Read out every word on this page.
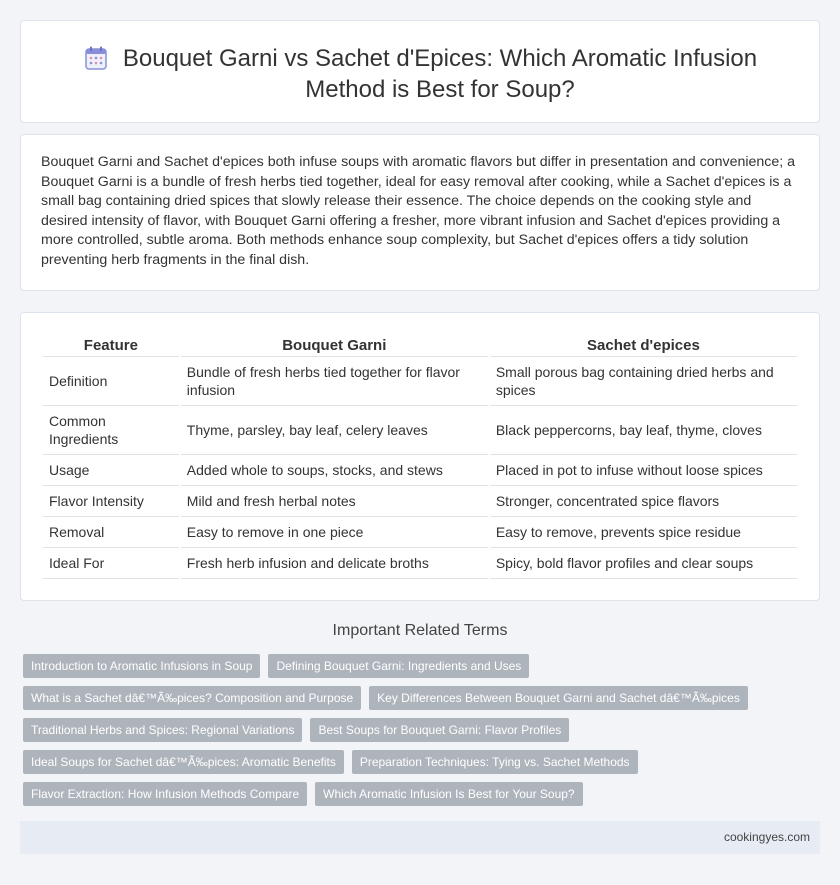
Bouquet Garni vs Sachet d'Epices: Which Aromatic Infusion Method is Best for Soup?

Bouquet Garni and Sachet d'epices both infuse soups with aromatic flavors but differ in presentation and convenience; a Bouquet Garni is a bundle of fresh herbs tied together, ideal for easy removal after cooking, while a Sachet d'epices is a small bag containing dried spices that slowly release their essence. The choice depends on the cooking style and desired intensity of flavor, with Bouquet Garni offering a fresher, more vibrant infusion and Sachet d'epices providing a more controlled, subtle aroma. Both methods enhance soup complexity, but Sachet d'epices offers a tidy solution preventing herb fragments in the final dish.

Feature	Bouquet Garni	Sachet d'epices
Definition	Bundle of fresh herbs tied together for flavor infusion	Small porous bag containing dried herbs and spices
Common Ingredients	Thyme, parsley, bay leaf, celery leaves	Black peppercorns, bay leaf, thyme, cloves
Usage	Added whole to soups, stocks, and stews	Placed in pot to infuse without loose spices
Flavor Intensity	Mild and fresh herbal notes	Stronger, concentrated spice flavors
Removal	Easy to remove in one piece	Easy to remove, prevents spice residue
Ideal For	Fresh herb infusion and delicate broths	Spicy, bold flavor profiles and clear soups
Important Related Terms
Introduction to Aromatic Infusions in Soup	Defining Bouquet Garni: Ingredients and Uses
What is a Sachet dâ€™Ã‰pices? Composition and Purpose	Key Differences Between Bouquet Garni and Sachet dâ€™Ã‰pices
Traditional Herbs and Spices: Regional Variations	Best Soups for Bouquet Garni: Flavor Profiles
Ideal Soups for Sachet dâ€™Ã‰pices: Aromatic Benefits	Preparation Techniques: Tying vs. Sachet Methods
Flavor Extraction: How Infusion Methods Compare	Which Aromatic Infusion Is Best for Your Soup?
cookingyes.com
